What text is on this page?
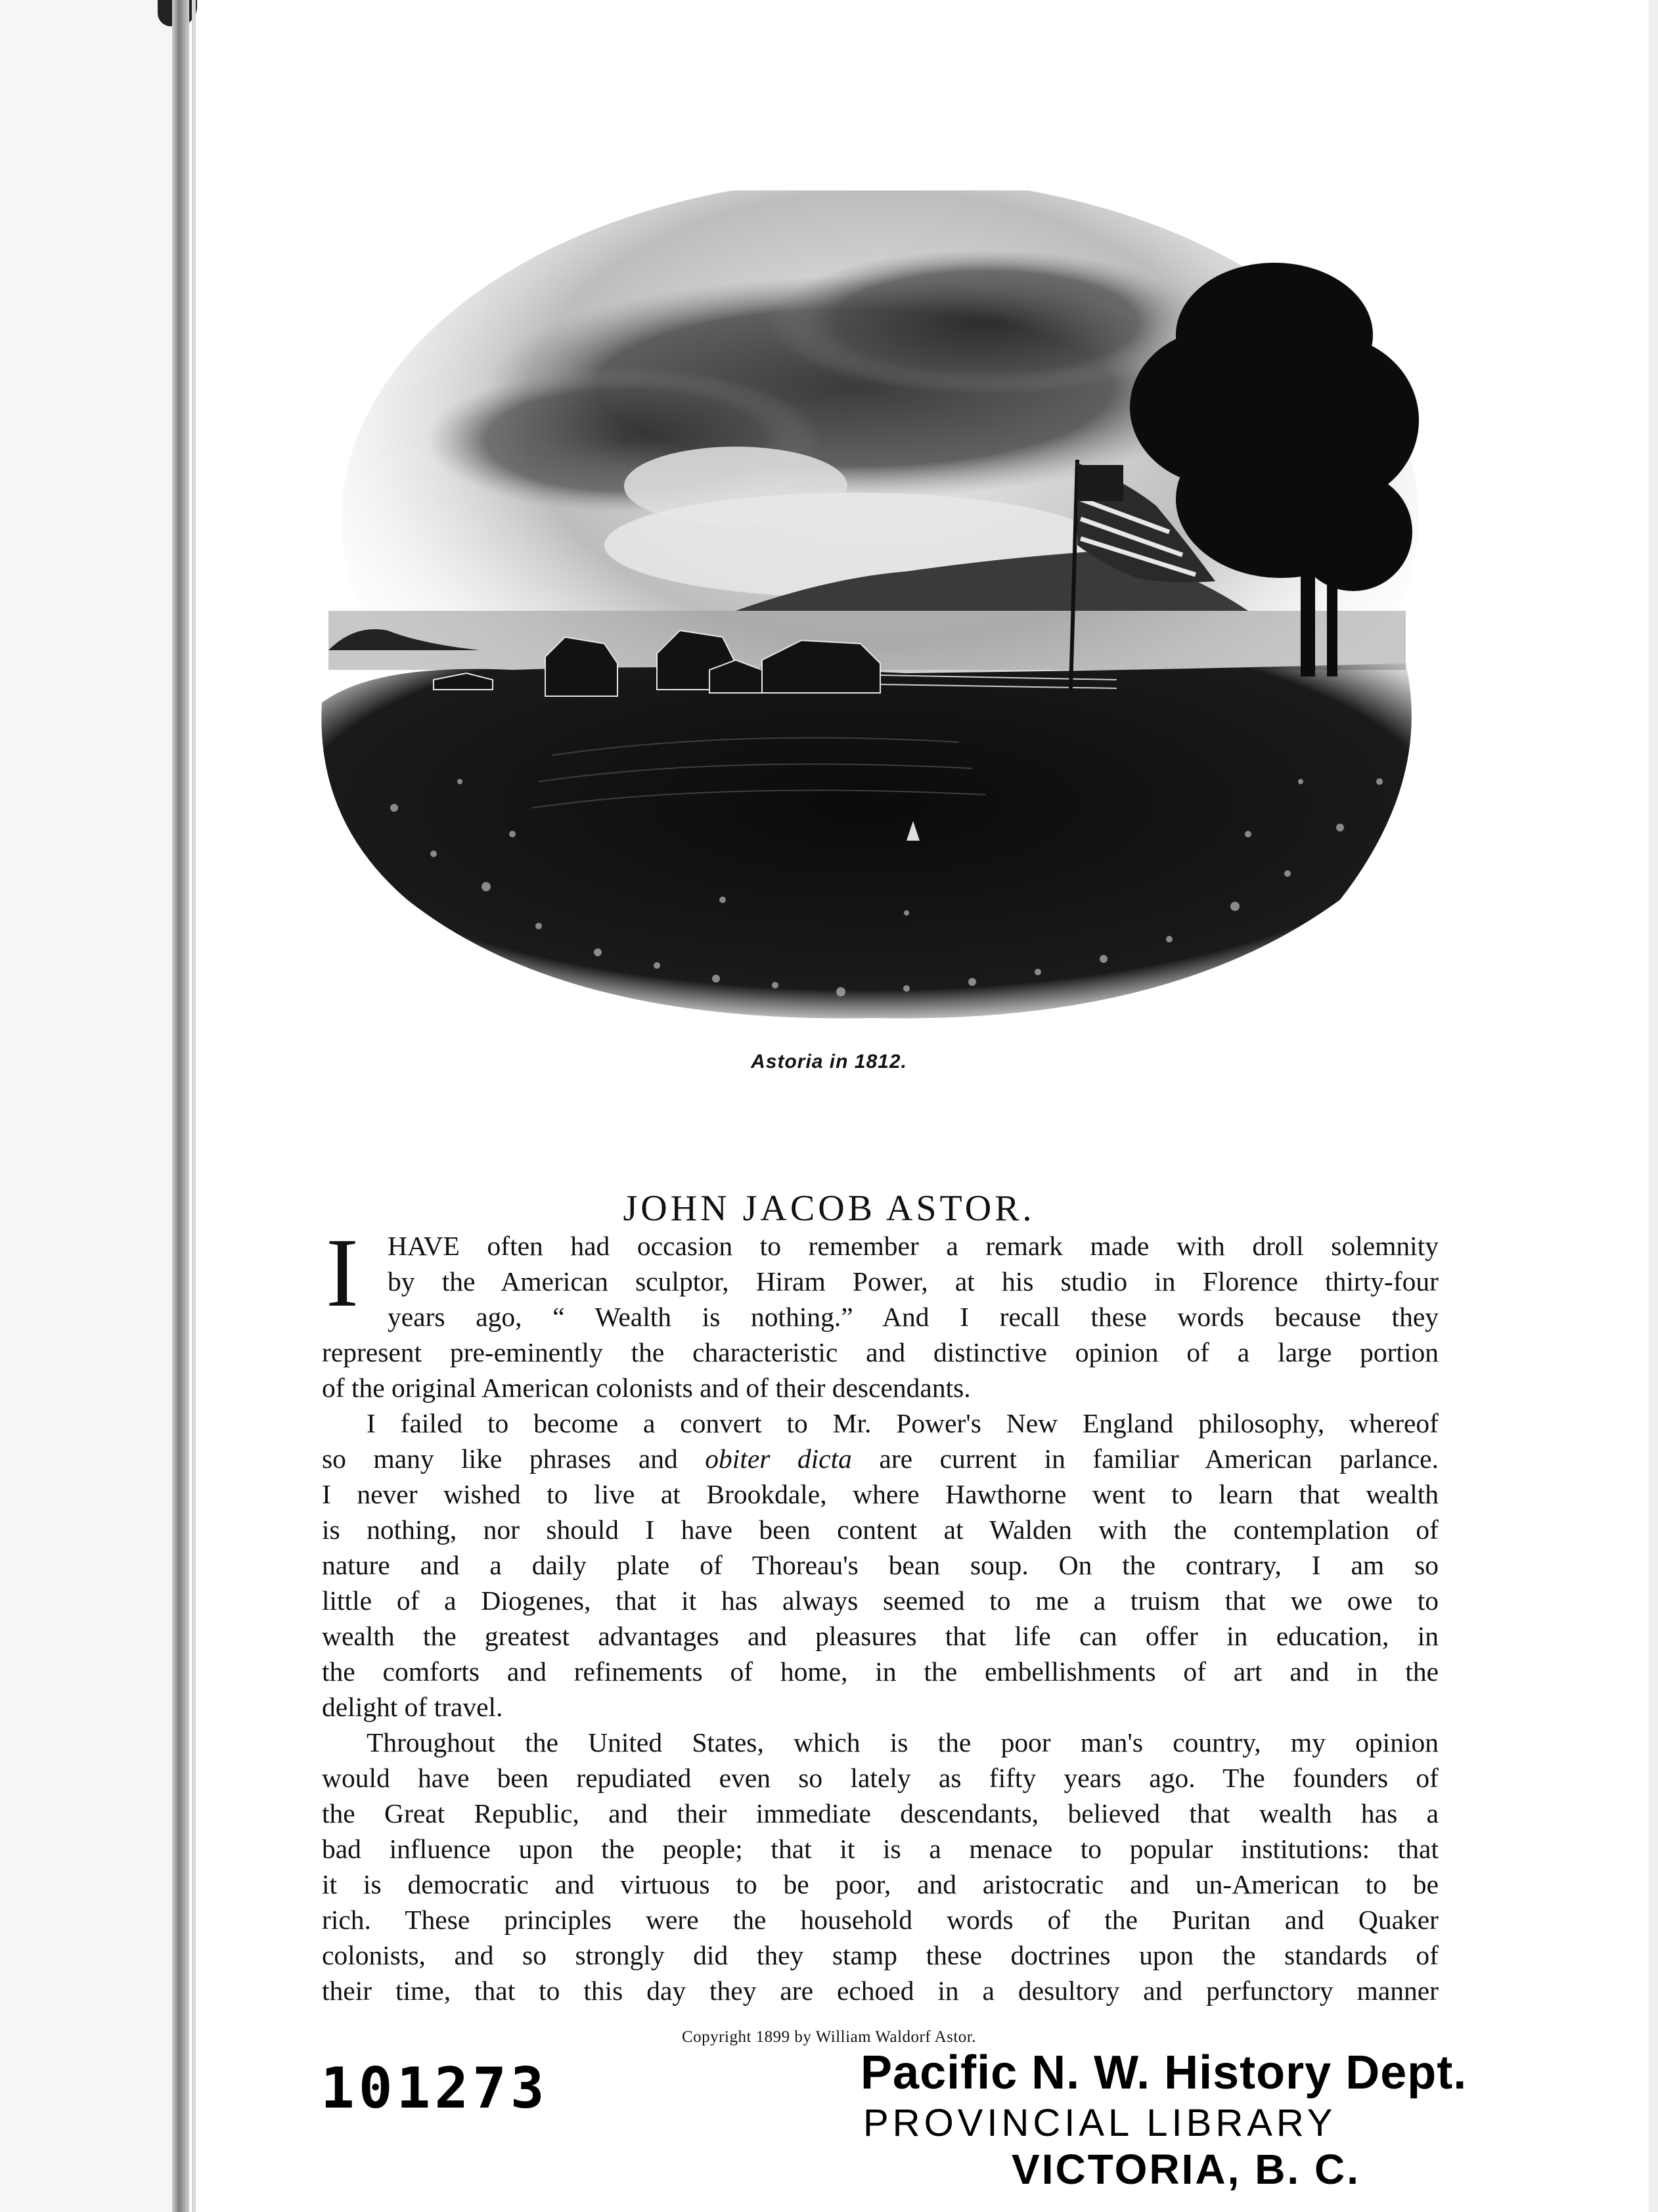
Astoria in 1812.
JOHN JACOB ASTOR.
I	HAVE often had occasion to remember a remark made with droll solemnity
by the American sculptor, Hiram Power, at his studio in Florence thirty-four
years ago, “ Wealth is nothing.” And I recall these words because they
represent pre-eminently the characteristic and distinctive opinion of a large portion
of the original American colonists and of their descendants.
I failed to become a convert to Mr. Power's New England philosophy, whereof
so many like phrases and obiter dicta are current in familiar American parlance.
I never wished to live at Brookdale, where Hawthorne went to learn that wealth
is nothing, nor should I have been content at Walden with the contemplation of
nature and a daily plate of Thoreau's bean soup. On the contrary, I am so
little of a Diogenes, that it has always seemed to me a truism that we owe to
wealth the greatest advantages and pleasures that life can offer in education, in
the comforts and refinements of home, in the embellishments of art and in the
delight of travel.
Throughout the United States, which is the poor man's country, my opinion
would have been repudiated even so lately as fifty years ago. The founders of
the Great Republic, and their immediate descendants, believed that wealth has a
bad influence upon the people; that it is a menace to popular institutions: that
it is democratic and virtuous to be poor, and aristocratic and un-American to be
rich. These principles were the household words of the Puritan and Quaker
colonists, and so strongly did they stamp these doctrines upon the standards of
their time, that to this day they are echoed in a desultory and perfunctory manner
Copyright 1899 by William Waldorf Astor.
101273	Pacific N. W. History Dept.
PROVINCIAL LIBRARY
VICTORIA, B. C.
